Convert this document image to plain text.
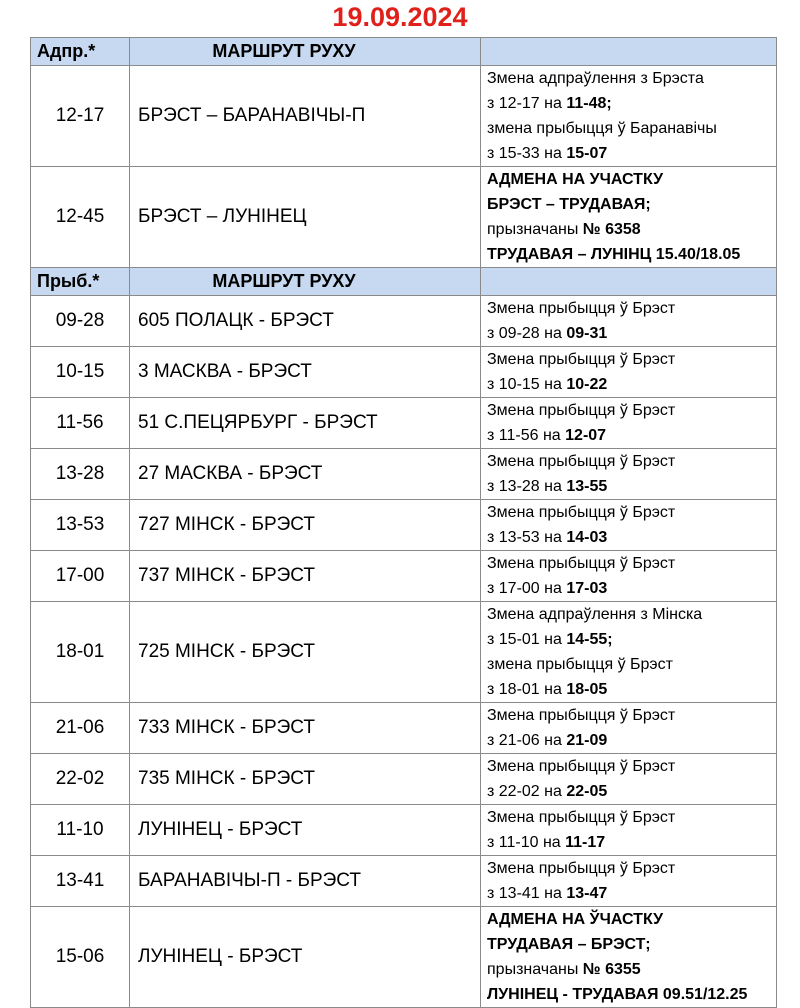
19.09.2024
Адпр.*	МАРШРУТ РУХУ	
12-17	БРЭСТ – БАРАНАВІЧЫ-П	Змена адпраўлення з Брэста
з 12-17 на 11-48;
змена прыбыцця ў Баранавічы
з 15-33 на 15-07

12-45	БРЭСТ – ЛУНІНЕЦ	АДМЕНА НА УЧАСТКУ
БРЭСТ – ТРУДАВАЯ;
прызначаны № 6358
ТРУДАВАЯ – ЛУНІНЦ 15.40/18.05

Прыб.*	МАРШРУТ РУХУ	
09-28	605 ПОЛАЦК - БРЭСТ	Змена прыбыцця ў Брэст
з 09-28 на 09-31

10-15	3 МАСКВА - БРЭСТ	Змена прыбыцця ў Брэст
з 10-15 на 10-22

11-56	51 С.ПЕЦЯРБУРГ - БРЭСТ	Змена прыбыцця ў Брэст
з 11-56 на 12-07

13-28	27 МАСКВА - БРЭСТ	Змена прыбыцця ў Брэст
з 13-28 на 13-55

13-53	727 МІНСК - БРЭСТ	Змена прыбыцця ў Брэст
з 13-53 на 14-03

17-00	737 МІНСК - БРЭСТ	Змена прыбыцця ў Брэст
з 17-00 на 17-03

18-01	725 МІНСК - БРЭСТ	Змена адпраўлення з Мінска
з 15-01 на 14-55;
змена прыбыцця ў Брэст
з 18-01 на 18-05

21-06	733 МІНСК - БРЭСТ	Змена прыбыцця ў Брэст
з 21-06 на 21-09

22-02	735 МІНСК - БРЭСТ	Змена прыбыцця ў Брэст
з 22-02 на 22-05

11-10	ЛУНІНЕЦ - БРЭСТ	Змена прыбыцця ў Брэст
з 11-10 на 11-17

13-41	БАРАНАВІЧЫ-П - БРЭСТ	Змена прыбыцця ў Брэст
з 13-41 на 13-47

15-06	ЛУНІНЕЦ - БРЭСТ	АДМЕНА НА ЎЧАСТКУ
ТРУДАВАЯ – БРЭСТ;
прызначаны № 6355
ЛУНІНЕЦ - ТРУДАВАЯ 09.51/12.25
